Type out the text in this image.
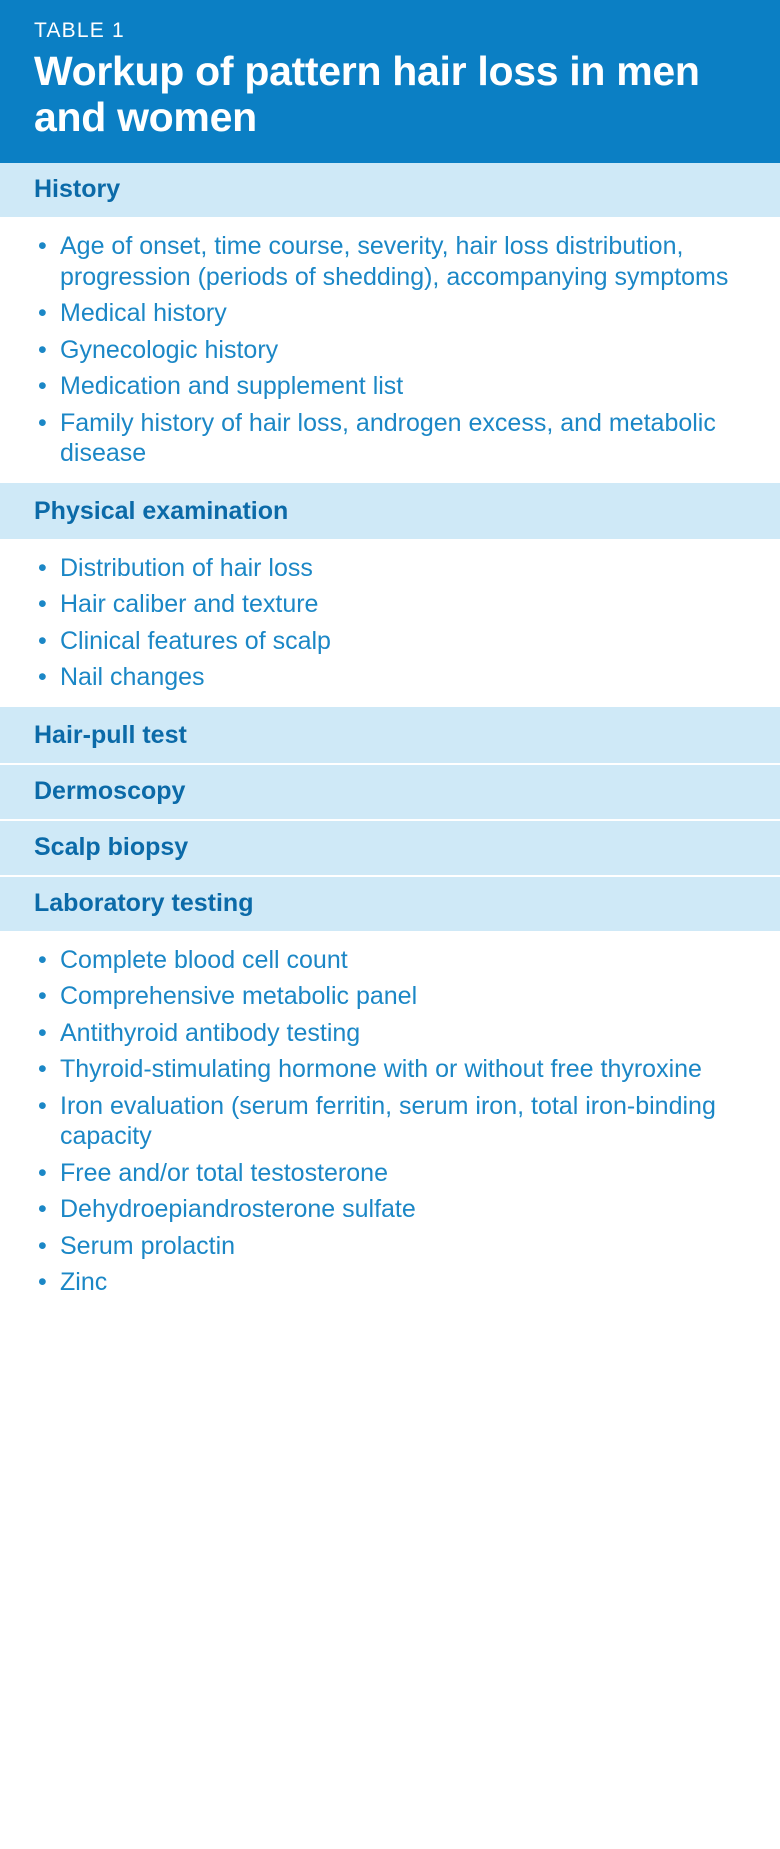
TABLE 1
Workup of pattern hair loss in men and women
History
• Age of onset, time course, severity, hair loss distribution, progression (periods of shedding), accompanying symptoms
• Medical history
• Gynecologic history
• Medication and supplement list
• Family history of hair loss, androgen excess, and metabolic disease
Physical examination
• Distribution of hair loss
• Hair caliber and texture
• Clinical features of scalp
• Nail changes
Hair-pull test
Dermoscopy
Scalp biopsy
Laboratory testing
• Complete blood cell count
• Comprehensive metabolic panel
• Antithyroid antibody testing
• Thyroid-stimulating hormone with or without free thyroxine
• Iron evaluation (serum ferritin, serum iron, total iron-binding capacity
• Free and/or total testosterone
• Dehydroepiandrosterone sulfate
• Serum prolactin
• Zinc
